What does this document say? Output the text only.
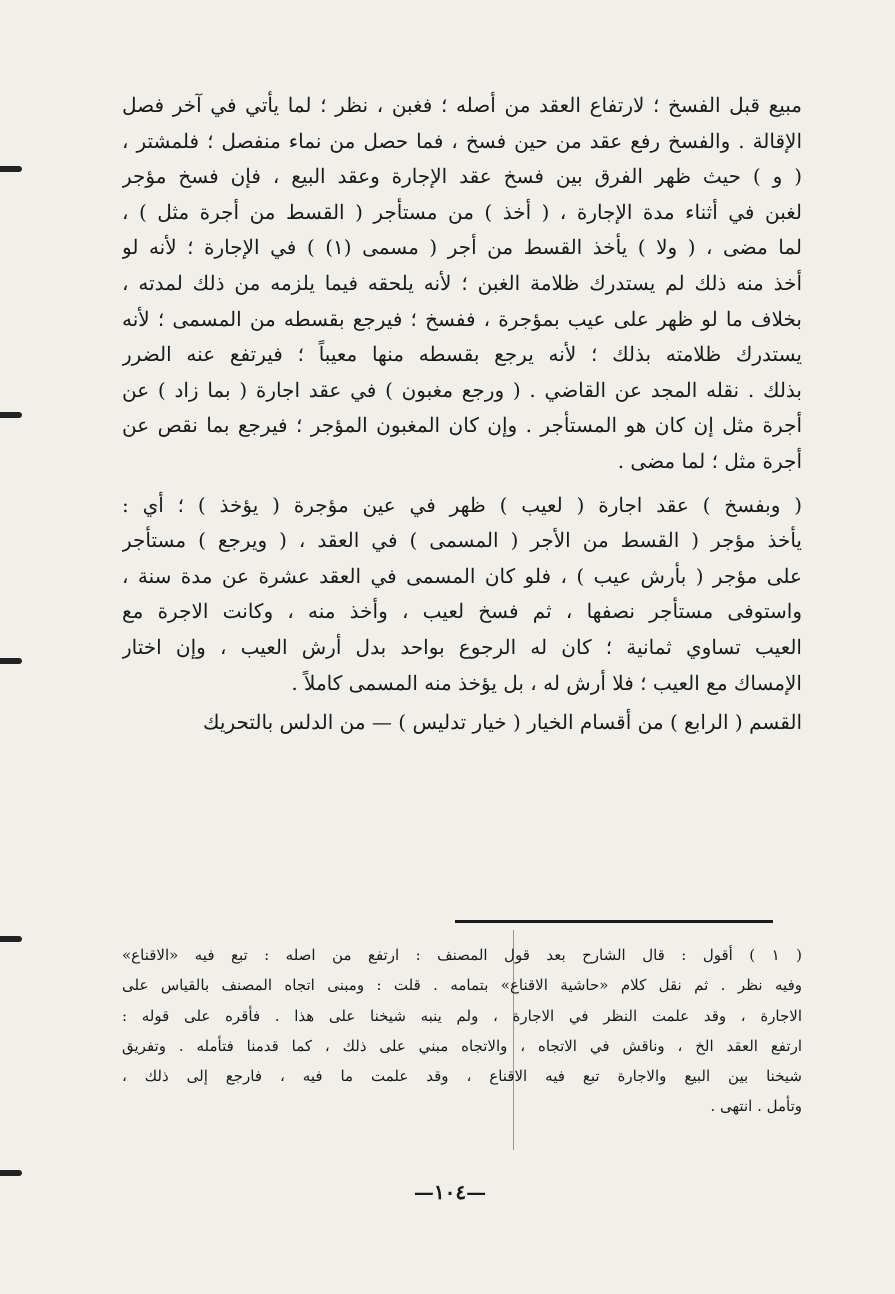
مبيع قبل الفسخ ؛ لارتفاع العقد من أصله ؛ فغبن ، نظر ؛ لما يأتي في آخر فصل
الإقالة . والفسخ رفع عقد من حين فسخ ، فما حصل من نماء منفصل ؛ فلمشتر ،
( و ) حيث ظهر الفرق بين فسخ عقد الإجارة وعقد البيع ، فإن فسخ مؤجر
لغبن في أثناء مدة الإجارة ، ( أخذ ) من مستأجر ( القسط من أجرة مثل ) ،
لما مضى ، ( ولا ) يأخذ القسط من أجر ( مسمى (١) ) في الإجارة ؛ لأنه لو
أخذ منه ذلك لم يستدرك ظلامة الغبن ؛ لأنه يلحقه فيما يلزمه من ذلك لمدته ،
بخلاف ما لو ظهر على عيب بمؤجرة ، ففسخ ؛ فيرجع بقسطه من المسمى ؛ لأنه
يستدرك ظلامته بذلك ؛ لأنه يرجع بقسطه منها معيباً ؛ فيرتفع عنه الضرر
بذلك . نقله المجد عن القاضي . ( ورجع مغبون ) في عقد اجارة ( بما زاد ) عن
أجرة مثل إن كان هو المستأجر . وإن كان المغبون المؤجر ؛ فيرجع بما نقص عن
أجرة مثل ؛ لما مضى .
( وبفسخ ) عقد اجارة ( لعيب ) ظهر في عين مؤجرة ( يؤخذ ) ؛ أي :
يأخذ مؤجر ( القسط من الأجر ( المسمى ) في العقد ، ( ويرجع ) مستأجر
على مؤجر ( بأرش عيب ) ، فلو كان المسمى في العقد عشرة عن مدة سنة ،
واستوفى مستأجر نصفها ، ثم فسخ لعيب ، وأخذ منه ، وكانت الاجرة مع
العيب تساوي ثمانية ؛ كان له الرجوع بواحد بدل أرش العيب ، وإن اختار
الإمساك مع العيب ؛ فلا أرش له ، بل يؤخذ منه المسمى كاملاً .
القسم ( الرابع ) من أقسام الخيار ( خيار تدليس ) — من الدلس بالتحريك
( ١ ) أقول : قال الشارح بعد قول المصنف : ارتفع من اصله : تبع فيه «الاقناع»
وفيه نظر . ثم نقل كلام «حاشية الاقناع» بتمامه . قلت : ومبنى اتجاه المصنف بالقياس على
الاجارة ، وقد علمت النظر في الاجارة ، ولم ينبه شيخنا على هذا . فأقره على قوله :
ارتفع العقد الخ ، وناقش في الاتجاه ، والاتجاه مبني على ذلك ، كما قدمنا فتأمله . وتفريق
شيخنا بين البيع والاجارة تبع فيه الاقناع ، وقد علمت ما فيه ، فارجع إلى ذلك ،
وتأمل . انتهى .
—١٠٤—
